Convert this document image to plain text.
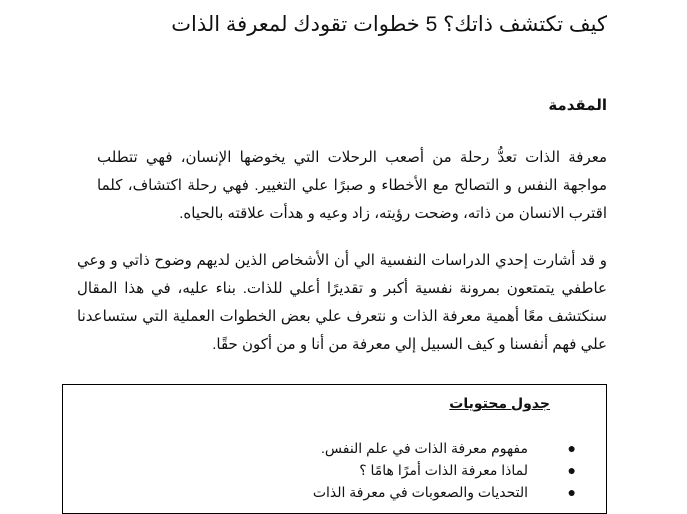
كيف تكتشف ذاتك؟ 5 خطوات تقودك لمعرفة الذات
المقدمة

معرفة الذات تعدُّ رحلة من أصعب الرحلات التي يخوضها الإنسان، فهي تتطلب مواجهة النفس و التصالح مع الأخطاء و صبرًا علي التغيير. فهي رحلة اكتشاف، كلما اقترب الانسان من ذاته، وضحت رؤيته، زاد وعيه و هدأت علاقته بالحياه.

و قد أشارت إحدي الدراسات النفسية الي أن الأشخاص الذين لديهم وضوح ذاتي و وعي عاطفي يتمتعون بمرونة نفسية أكبر و تقديرًا أعلي للذات. بناء عليه، في هذا المقال سنكتشف معًا أهمية معرفة الذات و نتعرف علي بعض الخطوات العملية التي ستساعدنا علي فهم أنفسنا و كيف السبيل إلي معرفة من أنا و من أكون حقًا.

جدول محتويات
●
مفهوم معرفة الذات في علم النفس.
●
لماذا معرفة الذات أمرًا هامًا ؟
●
التحديات والصعوبات في معرفة الذات
